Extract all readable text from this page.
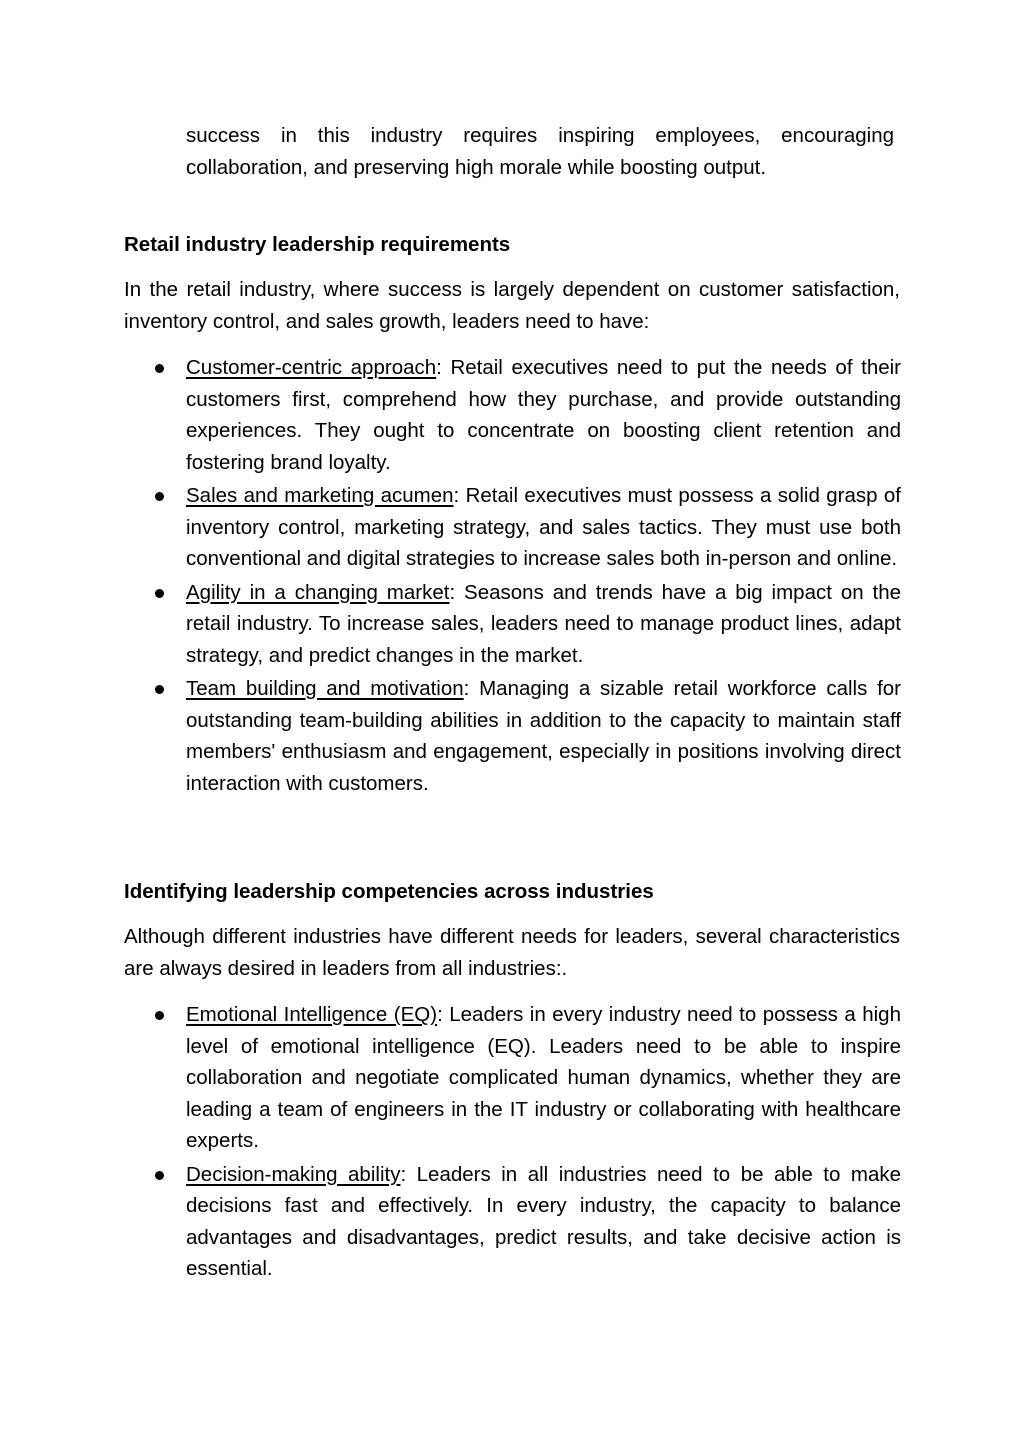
success in this industry requires inspiring employees, encouraging collaboration, and preserving high morale while boosting output.

Retail industry leadership requirements

In the retail industry, where success is largely dependent on customer satisfaction, inventory control, and sales growth, leaders need to have:

Customer-centric approach: Retail executives need to put the needs of their customers first, comprehend how they purchase, and provide outstanding experiences. They ought to concentrate on boosting client retention and fostering brand loyalty.
Sales and marketing acumen: Retail executives must possess a solid grasp of inventory control, marketing strategy, and sales tactics. They must use both conventional and digital strategies to increase sales both in-person and online.
Agility in a changing market: Seasons and trends have a big impact on the retail industry. To increase sales, leaders need to manage product lines, adapt strategy, and predict changes in the market.
Team building and motivation: Managing a sizable retail workforce calls for outstanding team-building abilities in addition to the capacity to maintain staff members' enthusiasm and engagement, especially in positions involving direct interaction with customers.
Identifying leadership competencies across industries

Although different industries have different needs for leaders, several characteristics are always desired in leaders from all industries:.

Emotional Intelligence (EQ): Leaders in every industry need to possess a high level of emotional intelligence (EQ). Leaders need to be able to inspire collaboration and negotiate complicated human dynamics, whether they are leading a team of engineers in the IT industry or collaborating with healthcare experts.
Decision-making ability: Leaders in all industries need to be able to make decisions fast and effectively. In every industry, the capacity to balance advantages and disadvantages, predict results, and take decisive action is essential.
